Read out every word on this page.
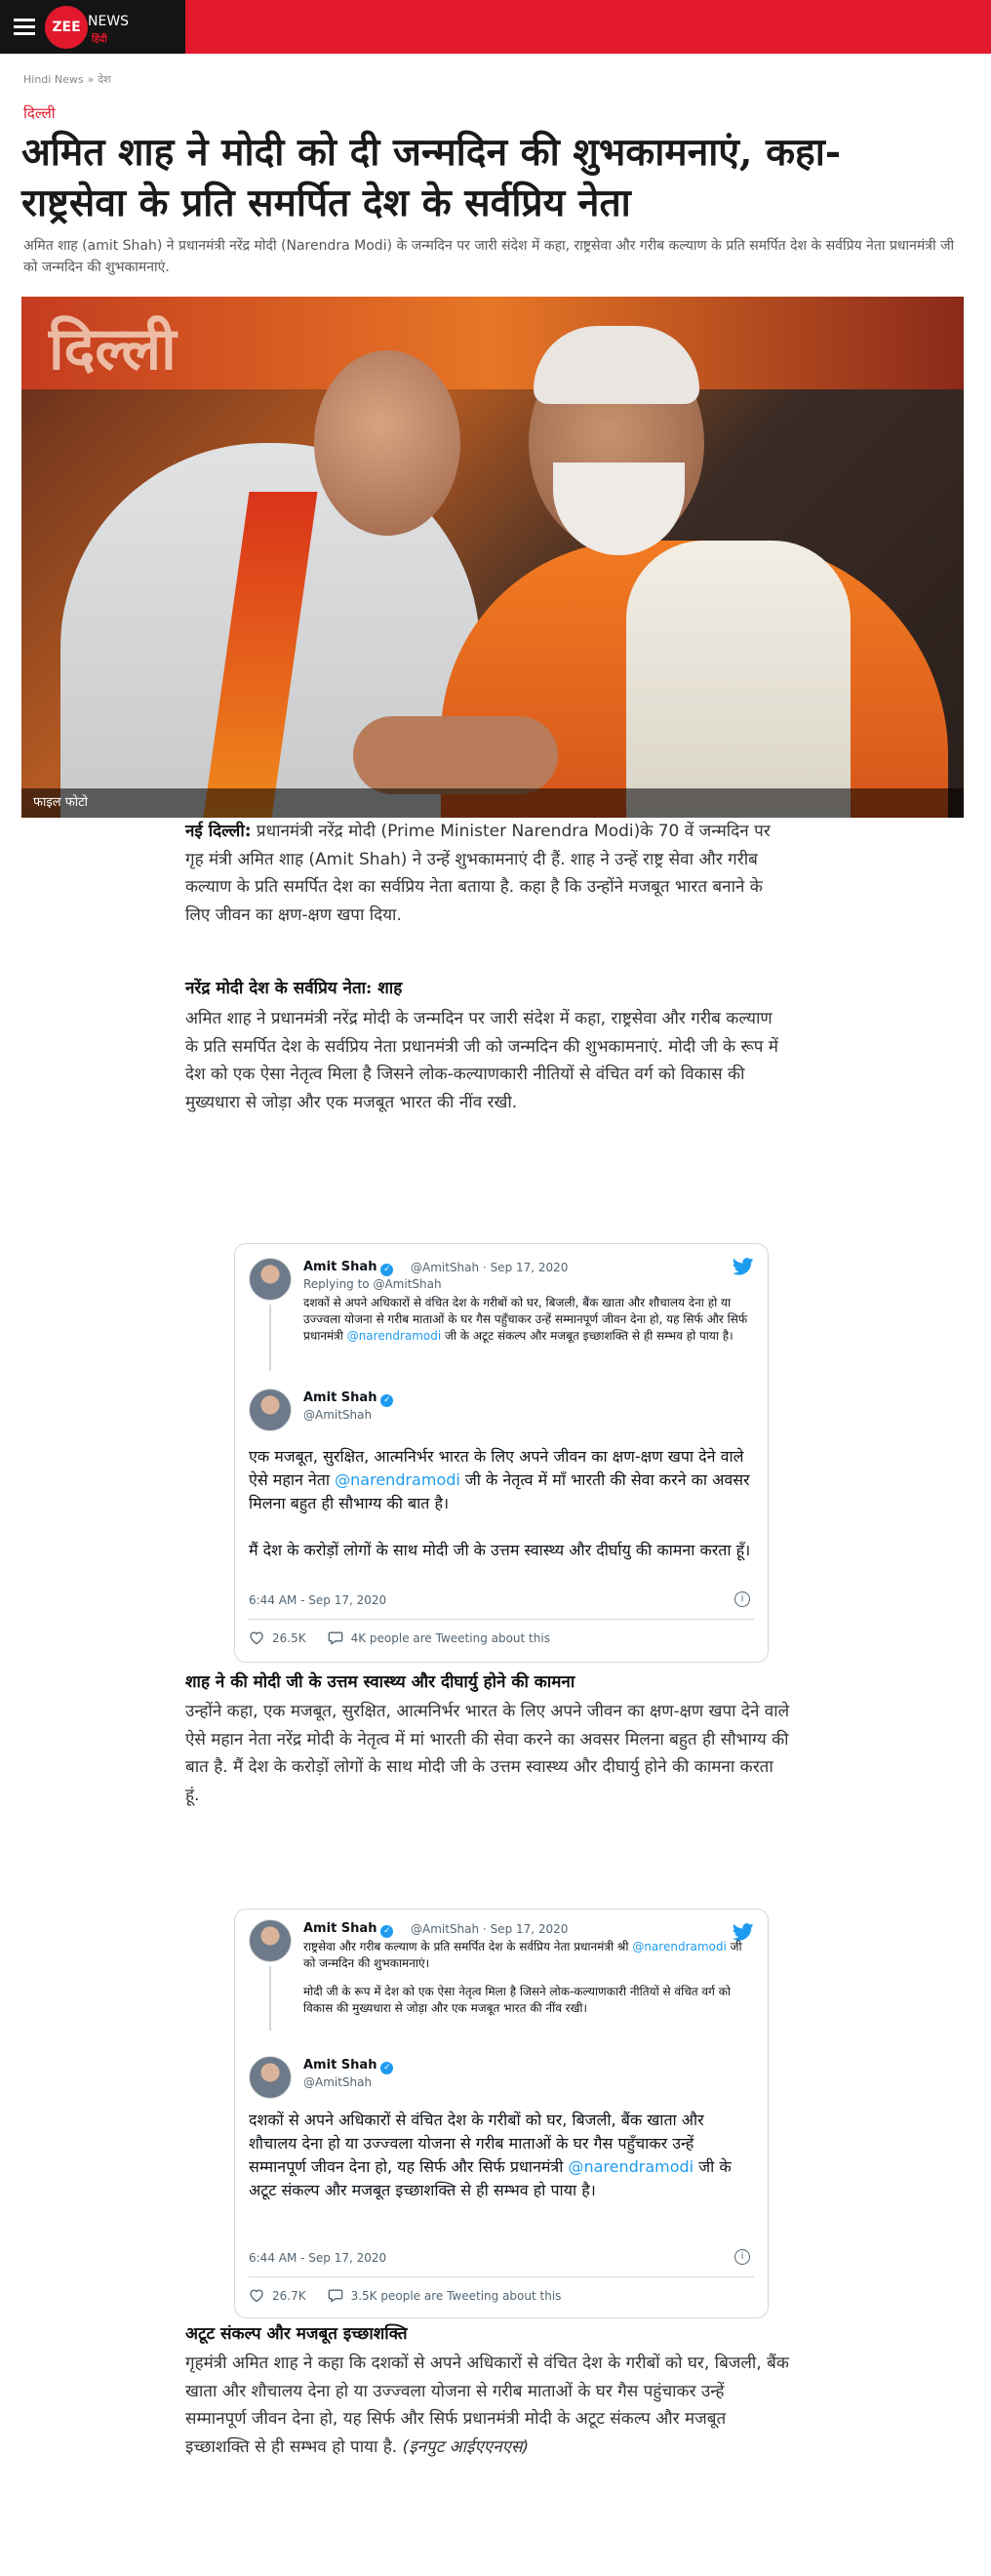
ZEE NEWS
हिंदी
Hindi News » देश
दिल्ली
अमित शाह ने मोदी को दी जन्मदिन की शुभकामनाएं, कहा- राष्ट्रसेवा के प्रति समर्पित देश के सर्वप्रिय नेता

अमित शाह (amit Shah) ने प्रधानमंत्री नरेंद्र मोदी (Narendra Modi) के जन्मदिन पर जारी संदेश में कहा, राष्ट्रसेवा और गरीब कल्याण के प्रति समर्पित देश के सर्वप्रिय नेता प्रधानमंत्री जी को जन्मदिन की शुभकामनाएं.

दिल्ली
फाइल फोटो

नई दिल्ली: प्रधानमंत्री नरेंद्र मोदी (Prime Minister Narendra Modi)के 70 वें जन्मदिन पर गृह मंत्री अमित शाह (Amit Shah) ने उन्हें शुभकामनाएं दी हैं. शाह ने उन्हें राष्ट्र सेवा और गरीब कल्याण के प्रति समर्पित देश का सर्वप्रिय नेता बताया है. कहा है कि उन्होंने मजबूत भारत बनाने के लिए जीवन का क्षण-क्षण खपा दिया.

नरेंद्र मोदी देश के सर्वप्रिय नेता: शाह

अमित शाह ने प्रधानमंत्री नरेंद्र मोदी के जन्मदिन पर जारी संदेश में कहा, राष्ट्रसेवा और गरीब कल्याण के प्रति समर्पित देश के सर्वप्रिय नेता प्रधानमंत्री जी को जन्मदिन की शुभकामनाएं. मोदी जी के रूप में देश को एक ऐसा नेतृत्व मिला है जिसने लोक-कल्याणकारी नीतियों से वंचित वर्ग को विकास की मुख्यधारा से जोड़ा और एक मजबूत भारत की नींव रखी.

Amit Shah ✓ @AmitShah · Sep 17, 2020
Replying to @AmitShah
दशकों से अपने अधिकारों से वंचित देश के गरीबों को घर, बिजली, बैंक खाता और शौचालय देना हो या उज्ज्वला योजना से गरीब माताओं के घर गैस पहुँचाकर उन्हें सम्मानपूर्ण जीवन देना हो, यह सिर्फ और सिर्फ प्रधानमंत्री @narendramodi जी के अटूट संकल्प और मजबूत इच्छाशक्ति से ही सम्भव हो पाया है।
Amit Shah ✓
@AmitShah
एक मजबूत, सुरक्षित, आत्मनिर्भर भारत के लिए अपने जीवन का क्षण-क्षण खपा देने वाले ऐसे महान नेता @narendramodi जी के नेतृत्व में माँ भारती की सेवा करने का अवसर मिलना बहुत ही सौभाग्य की बात है।
मैं देश के करोड़ों लोगों के साथ मोदी जी के उत्तम स्वास्थ्य और दीर्घायु की कामना करता हूँ।
6:44 AM - Sep 17, 2020	i
26.5K	4K people are Tweeting about this
शाह ने की मोदी जी के उत्तम स्वास्थ्य और दीघार्यु होने की कामना

उन्होंने कहा, एक मजबूत, सुरक्षित, आत्मनिर्भर भारत के लिए अपने जीवन का क्षण-क्षण खपा देने वाले ऐसे महान नेता नरेंद्र मोदी के नेतृत्व में मां भारती की सेवा करने का अवसर मिलना बहुत ही सौभाग्य की बात है. मैं देश के करोड़ों लोगों के साथ मोदी जी के उत्तम स्वास्थ्य और दीघार्यु होने की कामना करता हूं.

Amit Shah ✓ @AmitShah · Sep 17, 2020
राष्ट्रसेवा और गरीब कल्याण के प्रति समर्पित देश के सर्वप्रिय नेता प्रधानमंत्री श्री @narendramodi जी को जन्मदिन की शुभकामनाएं।
मोदी जी के रूप में देश को एक ऐसा नेतृत्व मिला है जिसने लोक-कल्याणकारी नीतियों से वंचित वर्ग को विकास की मुख्यधारा से जोड़ा और एक मजबूत भारत की नींव रखी।
Amit Shah ✓
@AmitShah
दशकों से अपने अधिकारों से वंचित देश के गरीबों को घर, बिजली, बैंक खाता और शौचालय देना हो या उज्ज्वला योजना से गरीब माताओं के घर गैस पहुँचाकर उन्हें सम्मानपूर्ण जीवन देना हो, यह सिर्फ और सिर्फ प्रधानमंत्री @narendramodi जी के अटूट संकल्प और मजबूत इच्छाशक्ति से ही सम्भव हो पाया है।
6:44 AM - Sep 17, 2020	i
26.7K	3.5K people are Tweeting about this
अटूट संकल्प और मजबूत इच्छाशक्ति

गृहमंत्री अमित शाह ने कहा कि दशकों से अपने अधिकारों से वंचित देश के गरीबों को घर, बिजली, बैंक खाता और शौचालय देना हो या उज्ज्वला योजना से गरीब माताओं के घर गैस पहुंचाकर उन्हें सम्मानपूर्ण जीवन देना हो, यह सिर्फ और सिर्फ प्रधानमंत्री मोदी के अटूट संकल्प और मजबूत इच्छाशक्ति से ही सम्भव हो पाया है. (इनपुट आईएएनएस)
